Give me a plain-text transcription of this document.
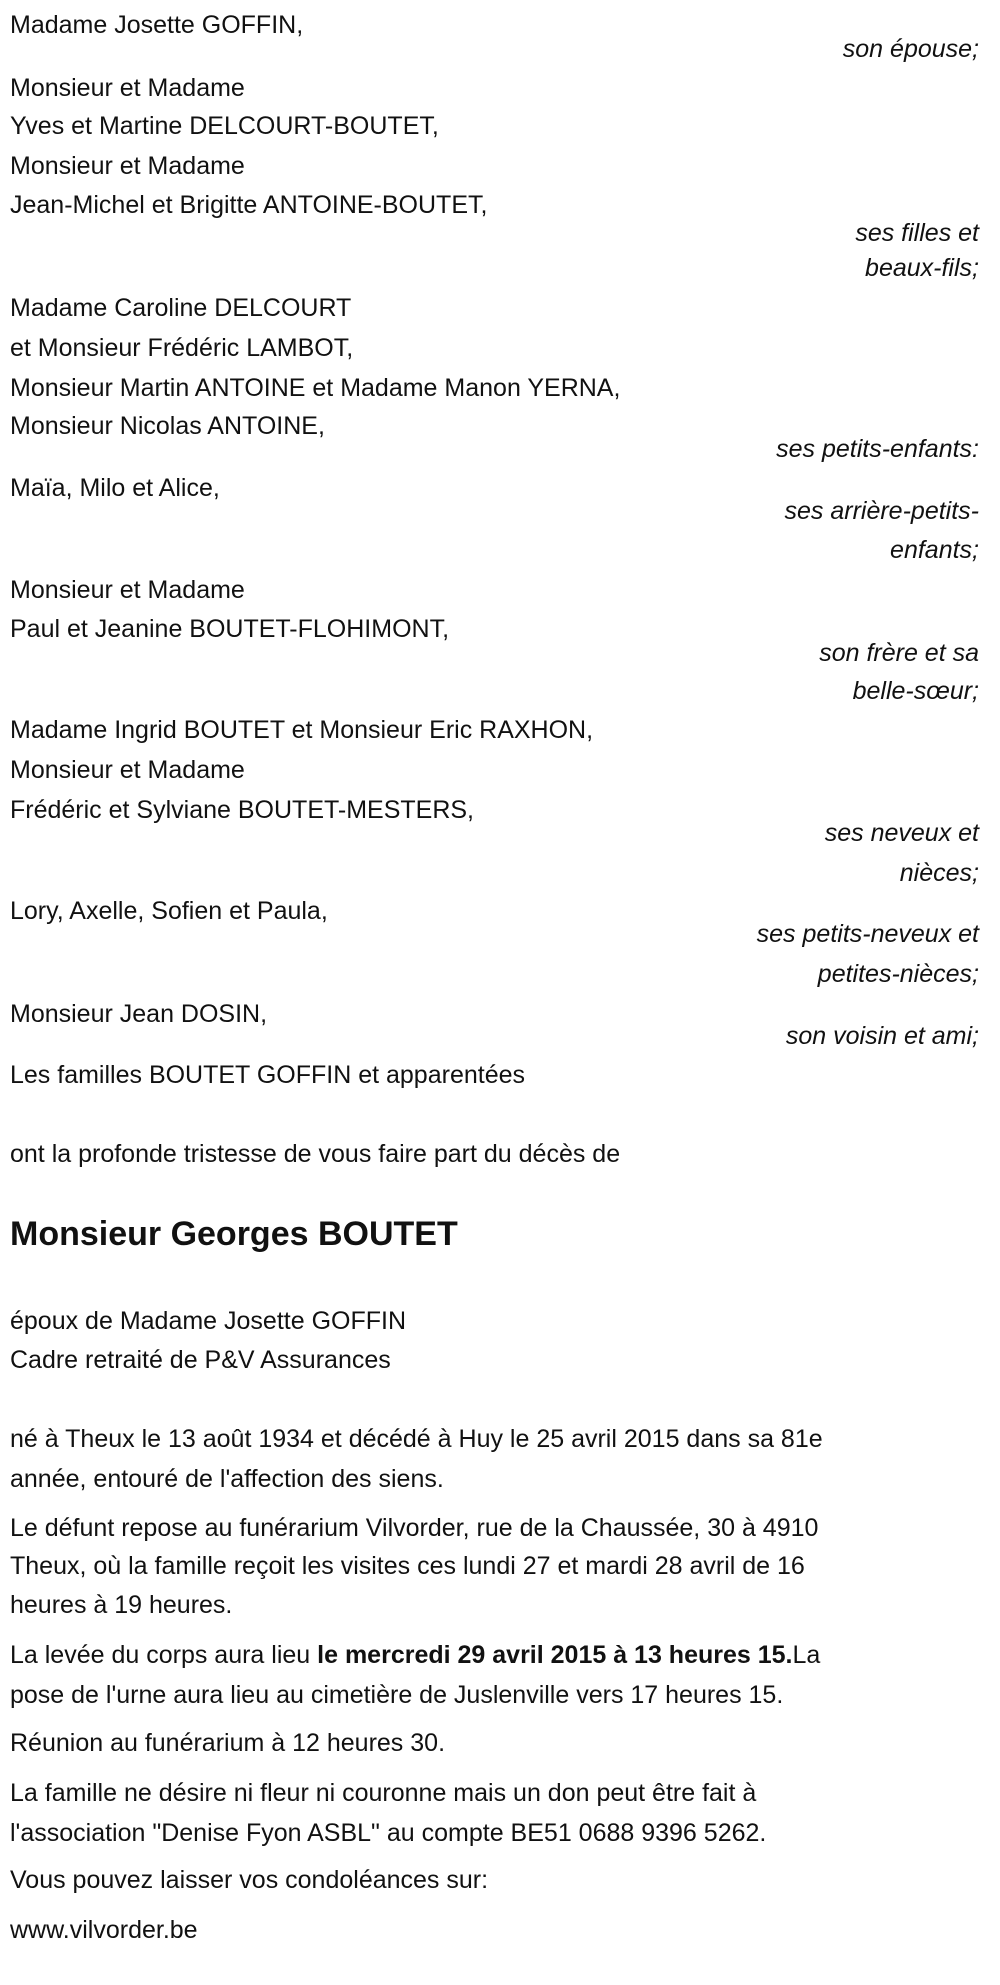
Madame Josette GOFFIN,
son épouse;
Monsieur et Madame
Yves et Martine DELCOURT-BOUTET,
Monsieur et Madame
Jean-Michel et Brigitte ANTOINE-BOUTET,
ses filles et
beaux-fils;
Madame Caroline DELCOURT
et Monsieur Frédéric LAMBOT,
Monsieur Martin ANTOINE et Madame Manon YERNA,
Monsieur Nicolas ANTOINE,
ses petits-enfants:
Maïa, Milo et Alice,
ses arrière-petits-
enfants;
Monsieur et Madame
Paul et Jeanine BOUTET-FLOHIMONT,
son frère et sa
belle-sœur;
Madame Ingrid BOUTET et Monsieur Eric RAXHON,
Monsieur et Madame
Frédéric et Sylviane BOUTET-MESTERS,
ses neveux et
nièces;
Lory, Axelle, Sofien et Paula,
ses petits-neveux et
petites-nièces;
Monsieur Jean DOSIN,
son voisin et ami;
Les familles BOUTET GOFFIN et apparentées
ont la profonde tristesse de vous faire part du décès de
Monsieur Georges BOUTET
époux de Madame Josette GOFFIN
Cadre retraité de P&V Assurances
né à Theux le 13 août 1934 et décédé à Huy le 25 avril 2015 dans sa 81e
année, entouré de l'affection des siens.
Le défunt repose au funérarium Vilvorder, rue de la Chaussée, 30 à 4910
Theux, où la famille reçoit les visites ces lundi 27 et mardi 28 avril de 16
heures à 19 heures.
La levée du corps aura lieu le mercredi 29 avril 2015 à 13 heures 15.La
pose de l'urne aura lieu au cimetière de Juslenville vers 17 heures 15.
Réunion au funérarium à 12 heures 30.
La famille ne désire ni fleur ni couronne mais un don peut être fait à
l'association "Denise Fyon ASBL" au compte BE51 0688 9396 5262.
Vous pouvez laisser vos condoléances sur:
www.vilvorder.be
